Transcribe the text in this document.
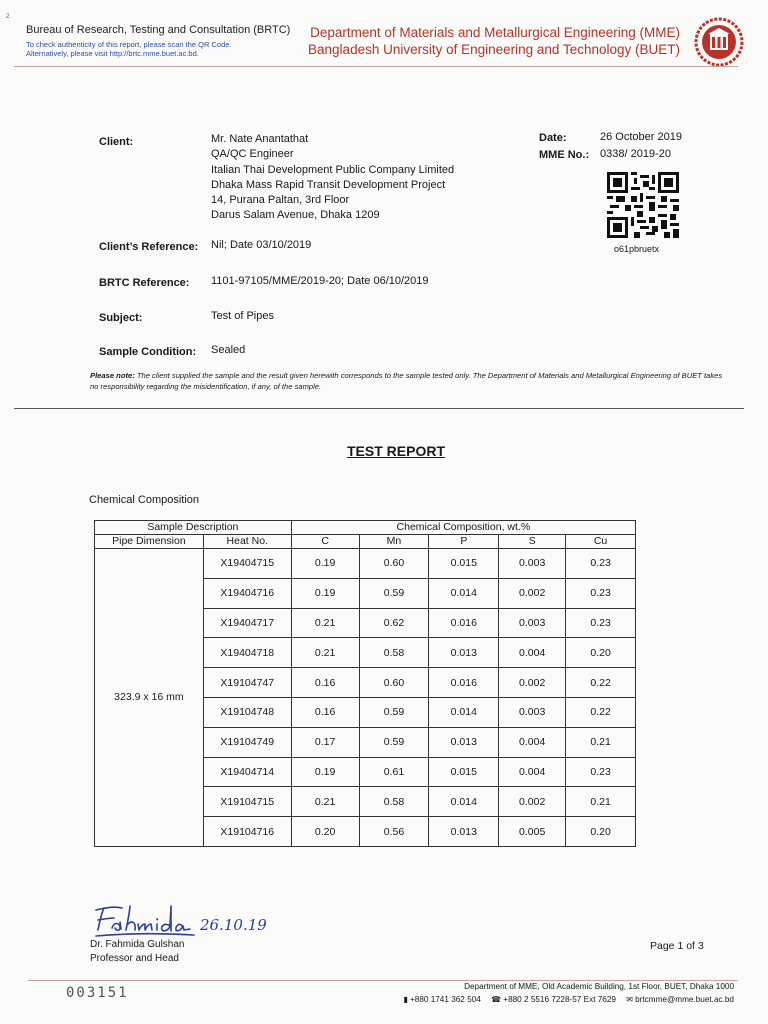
2
Bureau of Research, Testing and Consultation (BRTC)
To check authenticity of this report, please scan the QR Code.
Alternatively, please visit http://brtc.mme.buet.ac.bd.
Department of Materials and Metallurgical Engineering (MME)
Bangladesh University of Engineering and Technology (BUET)
Client:	Mr. Nate Anantathat
QA/QC Engineer
Italian Thai Development Public Company Limited
Dhaka Mass Rapid Transit Development Project
14, Purana Paltan, 3rd Floor
Darus Salam Avenue, Dhaka 1209
Date:	26 October 2019
MME No.: 0338/ 2019-20
o61pbruetx
Client’s Reference: Nil; Date 03/10/2019
BRTC Reference: 1101-97105/MME/2019-20; Date 06/10/2019
Subject:	Test of Pipes
Sample Condition: Sealed
Please note: The client supplied the sample and the result given herewith corresponds to the sample tested only. The Department of Materials and Metallurgical Engineering of BUET takes no responsibility regarding the misidentification, if any, of the sample.
TEST REPORT
Chemical Composition
Sample Description		Chemical Composition, wt.%				
Pipe Dimension	Heat No.	C	Mn	P	S	Cu
323.9 x 16 mm	X19404715	0.19	0.60	0.015	0.003	0.23
	X19404716	0.19	0.59	0.014	0.002	0.23
	X19404717	0.21	0.62	0.016	0.003	0.23
	X19404718	0.21	0.58	0.013	0.004	0.20
	X19104747	0.16	0.60	0.016	0.002	0.22
	X19104748	0.16	0.59	0.014	0.003	0.22
	X19104749	0.17	0.59	0.013	0.004	0.21
	X19404714	0.19	0.61	0.015	0.004	0.23
	X19104715	0.21	0.58	0.014	0.002	0.21
	X19104716	0.20	0.56	0.013	0.005	0.20
26.10.19
Dr. Fahmida Gulshan
Professor and Head
Page 1 of 3
003151	Department of MME, Old Academic Building, 1st Floor, BUET, Dhaka 1000
▮ +880 1741 362 504 ☎ +880 2 5516 7228-57 Ext 7629 ✉ brtcmme@mme.buet.ac.bd
